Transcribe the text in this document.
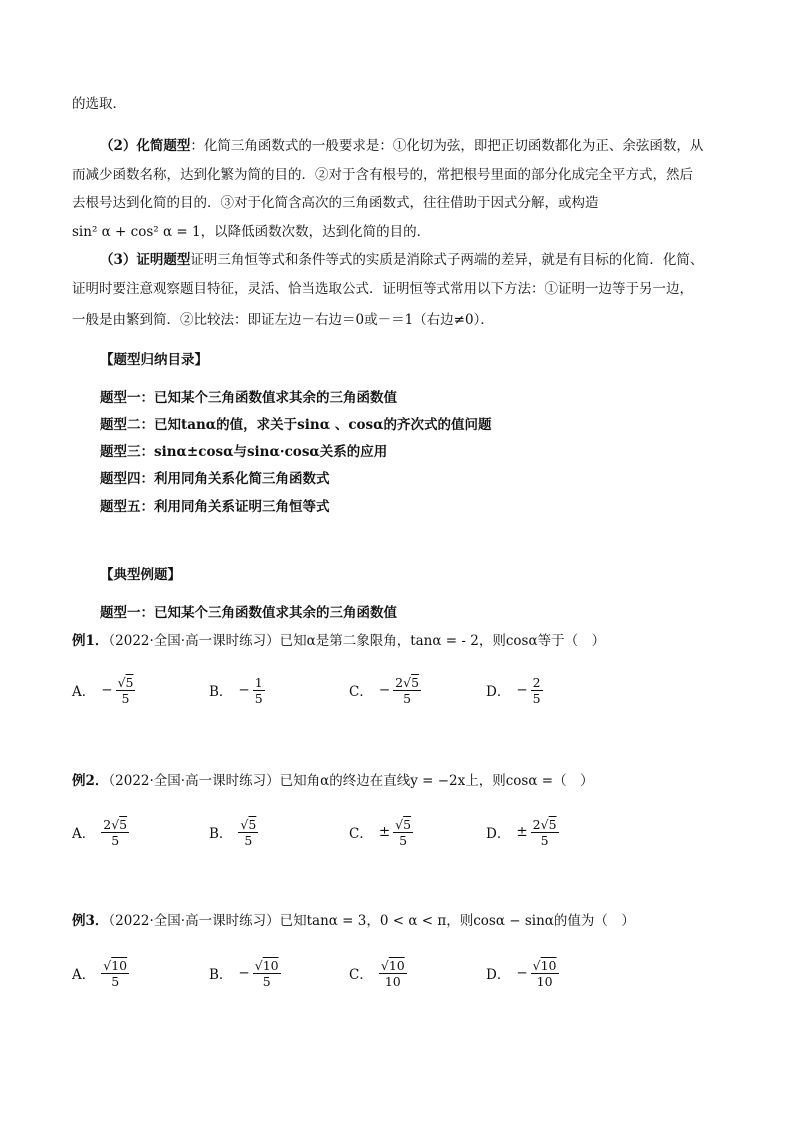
的选取．
（2）化简题型：化简三角函数式的一般要求是：①化切为弦，即把正切函数都化为正、余弦函数，从
而减少函数名称，达到化繁为简的目的．②对于含有根号的，常把根号里面的部分化成完全平方式，然后
去根号达到化简的目的．③对于化简含高次的三角函数式，往往借助于因式分解，或构造
sin² α + cos² α = 1，以降低函数次数，达到化简的目的．
（3）证明题型证明三角恒等式和条件等式的实质是消除式子两端的差异，就是有目标的化简．化简、
证明时要注意观察题目特征，灵活、恰当选取公式．证明恒等式常用以下方法：①证明一边等于另一边，
一般是由繁到简．②比较法：即证左边－右边＝0或－＝1（右边≠0）．
【题型归纳目录】
题型一：已知某个三角函数值求其余的三角函数值
题型二：已知tanα的值，求关于sinα 、cosα的齐次式的值问题
题型三：sinα±cosα与sinα·cosα关系的应用
题型四：利用同角关系化简三角函数式
题型五：利用同角关系证明三角恒等式
【典型例题】
题型一：已知某个三角函数值求其余的三角函数值
例1．（2022·全国·高一课时练习）已知α是第二象限角，tanα = - 2，则cosα等于（　）
A． − √ $\frac{5}{5}$	B． − $\frac{1}{5}$	C． − $\frac{2 √ 5}{5}$	D． − $\frac{2}{5}$
例2．（2022·全国·高一课时练习）已知角α的终边在直线y = −2x上，则cosα =（　）
A． $\frac{2 √ 5}{5}$	B． √ $\frac{5}{5}$	C． ± √ $\frac{5}{5}$	D． ± $\frac{2 √ 5}{5}$
例3．（2022·全国·高一课时练习）已知tanα = 3，0 < α < π，则cosα − sinα的值为（　）
A． √ $\frac{10}{5}$	B． − √ $\frac{10}{5}$	C． √ $\frac{10}{10}$	D． − √ $\frac{10}{10}$
